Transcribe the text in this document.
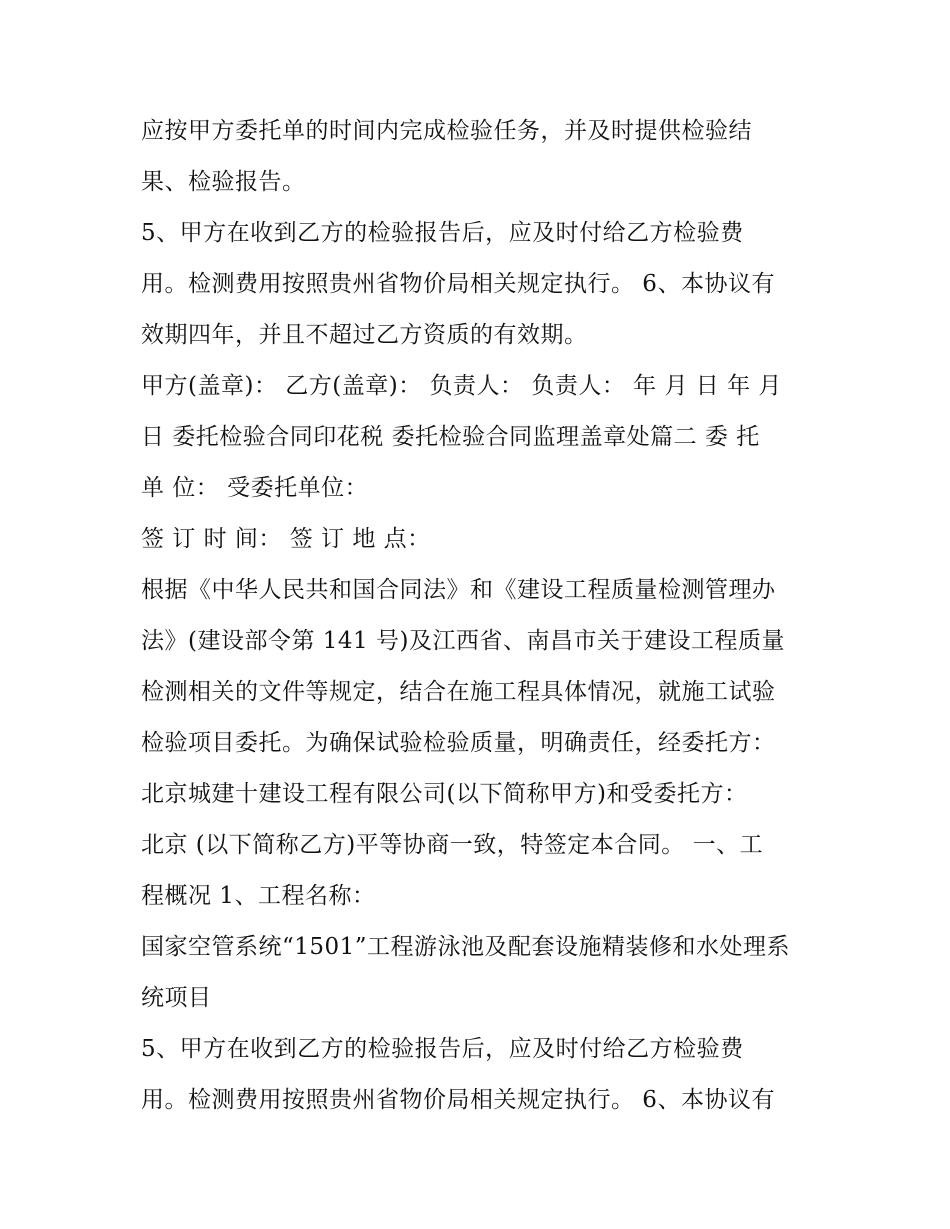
应按甲方委托单的时间内完成检验任务，并及时提供检验结
果、检验报告。
5、甲方在收到乙方的检验报告后，应及时付给乙方检验费
用。检测费用按照贵州省物价局相关规定执行。 6、本协议有
效期四年，并且不超过乙方资质的有效期。
甲方(盖章)： 乙方(盖章)： 负责人： 负责人： 年 月 日 年 月
日 委托检验合同印花税 委托检验合同监理盖章处篇二 委 托
单 位： 受委托单位：
签 订 时 间： 签 订 地 点：
根据《中华人民共和国合同法》和《建设工程质量检测管理办
法》(建设部令第 141 号)及江西省、南昌市关于建设工程质量
检测相关的文件等规定，结合在施工程具体情况，就施工试验
检验项目委托。为确保试验检验质量，明确责任，经委托方：
北京城建十建设工程有限公司(以下简称甲方)和受委托方：
北京 (以下简称乙方)平等协商一致，特签定本合同。 一、工
程概况 1、工程名称：
国家空管系统“1501”工程游泳池及配套设施精装修和水处理系
统项目
5、甲方在收到乙方的检验报告后，应及时付给乙方检验费
用。检测费用按照贵州省物价局相关规定执行。 6、本协议有
